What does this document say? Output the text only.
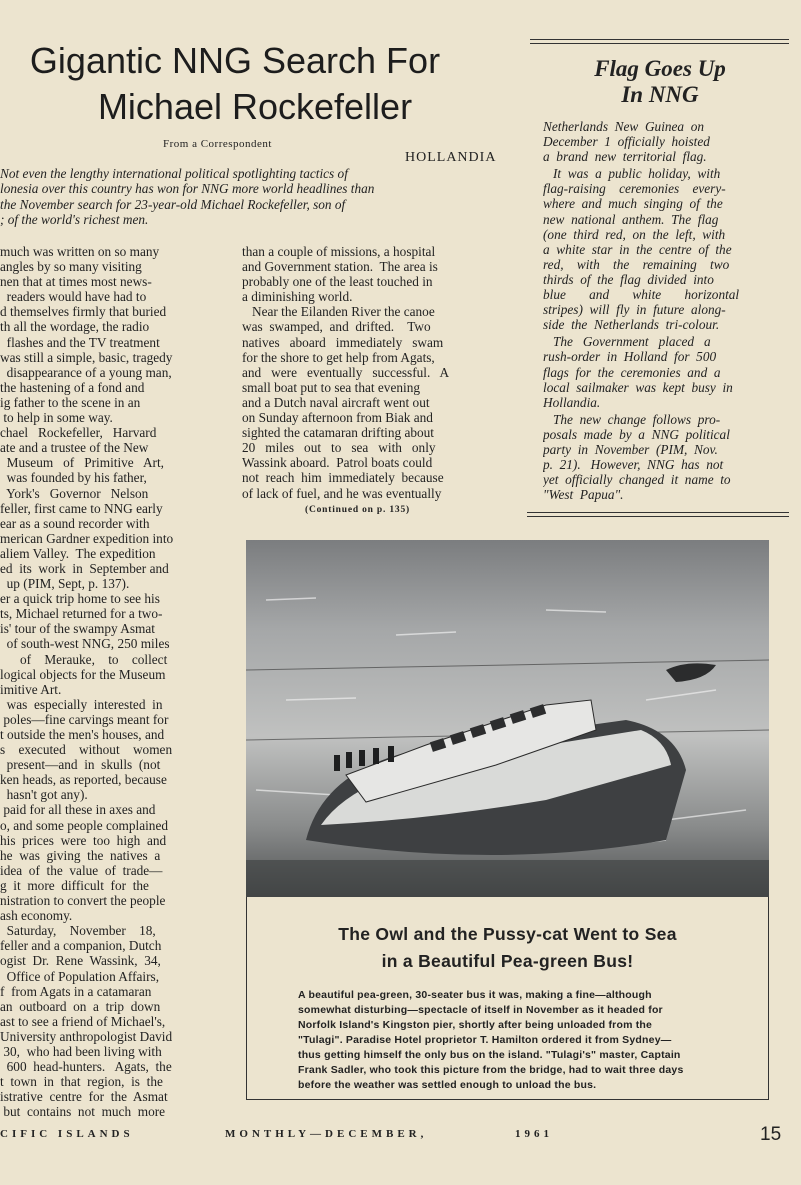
Gigantic NNG Search For
Michael Rockefeller
From a Correspondent
HOLLANDIA
Not even the lengthy international political spotlighting tactics of
lonesia over this country has won for NNG more world headlines than
the November search for 23-year-old Michael Rockefeller, son of
; of the world's richest men.
much was written on so many
angles by so many visiting
nen that at times most news-
readers would have had to
d themselves firmly that buried
th all the wordage, the radio
flashes and the TV treatment
was still a simple, basic, tragedy
disappearance of a young man,
the hastening of a fond and
ig father to the scene in an
to help in some way.
chael   Rockefeller,   Harvard
ate and a trustee of the New
Museum   of   Primitive   Art,
was founded by his father,
York's   Governor   Nelson
feller, first came to NNG early
ear as a sound recorder with
merican Gardner expedition into
aliem Valley.  The expedition
ed  its  work  in  September and
up (PIM, Sept, p. 137).
er a quick trip home to see his
ts, Michael returned for a two-
is' tour of the swampy Asmat
of south-west NNG, 250 miles
of    Merauke,    to    collect
logical objects for the Museum
imitive Art.
was  especially  interested  in
poles—fine carvings meant for
t outside the men's houses, and
s    executed    without    women
present—and  in  skulls  (not
ken heads, as reported, because
hasn't got any).
paid for all these in axes and
o, and some people complained
his  prices  were  too  high  and
he  was  giving  the  natives  a
idea  of  the  value  of  trade—
g  it  more  difficult  for  the
nistration to convert the people
ash economy.
Saturday,    November    18,
feller and a companion, Dutch
ogist  Dr.  Rene  Wassink,  34,
Office of Population Affairs,
f  from Agats in a catamaran
an  outboard  on  a  trip  down
ast to see a friend of Michael's,
University anthropologist David
30,  who had been living with
600  head-hunters.   Agats,  the
t  town  in  that  region,  is  the
istrative  centre  for  the  Asmat
but  contains  not  much  more
than a couple of missions, a hospital
and Government station.  The area is
probably one of the least touched in
a diminishing world.
Near the Eilanden River the canoe
was  swamped,  and  drifted.    Two
natives   aboard   immediately   swam
for the shore to get help from Agats,
and   were   eventually   successful.   A
small boat put to sea that evening
and a Dutch naval aircraft went out
on Sunday afternoon from Biak and
sighted the catamaran drifting about
20   miles   out   to   sea   with   only
Wassink aboard.  Patrol boats could
not  reach  him  immediately  because
of lack of fuel, and he was eventually
(Continued on p. 135)
Flag Goes Up
In NNG
Netherlands  New  Guinea  on
December  1  officially  hoisted
a  brand  new  territorial  flag.
It  was  a  public  holiday,  with
flag-raising    ceremonies    every-
where  and  much  singing  of  the
new  national  anthem.  The  flag
(one  third  red,  on  the  left,  with
a  white  star  in  the  centre  of  the
red,    with    the    remaining    two
thirds  of  the  flag  divided  into
blue       and       white       horizontal
stripes)  will  fly  in  future  along-
side  the  Netherlands  tri-colour.
The   Government   placed   a
rush-order  in  Holland  for  500
flags  for  the  ceremonies  and  a
local  sailmaker  was  kept  busy  in
Hollandia.
The  new  change  follows  pro-
posals  made  by  a  NNG  political
party  in  November  (PIM,  Nov.
p.  21).   However,  NNG  has  not
yet  officially  changed  it  name  to
"West  Papua".

The Owl and the Pussy-cat Went to Sea

in a Beautiful Pea-green Bus!

A beautiful pea-green, 30-seater bus it was, making a fine—although
somewhat disturbing—spectacle of itself in November as it headed for
Norfolk Island's Kingston pier, shortly after being unloaded from the
"Tulagi". Paradise Hotel proprietor T. Hamilton ordered it from Sydney—
thus getting himself the only bus on the island. "Tulagi's" master, Captain
Frank Sadler, who took this picture from the bridge, had to wait three days
before the weather was settled enough to unload the bus.
CIFIC ISLANDS	MONTHLY—DECEMBER,	1961	15
